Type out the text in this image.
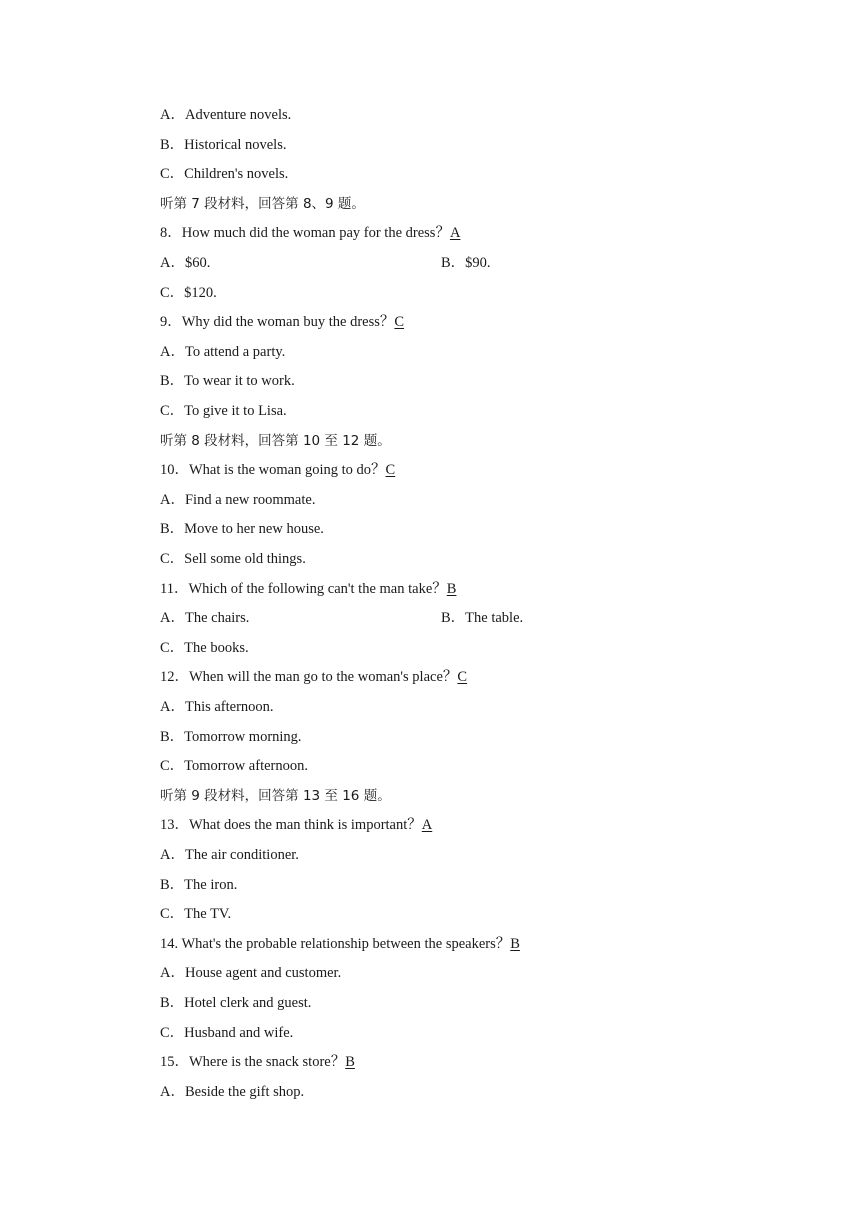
A．Adventure novels.
B．Historical novels.
C．Children's novels.
听第 7 段材料，回答第 8、9 题。
8．How much did the woman pay for the dress？A
A．$60.	B．$90.
C．$120.
9．Why did the woman buy the dress？C
A．To attend a party.
B．To wear it to work.
C．To give it to Lisa.
听第 8 段材料，回答第 10 至 12 题。
10．What is the woman going to do？C
A．Find a new roommate.
B．Move to her new house.
C．Sell some old things.
11．Which of the following can't the man take？B
A．The chairs.	B．The table.
C．The books.
12．When will the man go to the woman's place？C
A．This afternoon.
B．Tomorrow morning.
C．Tomorrow afternoon.
听第 9 段材料，回答第 13 至 16 题。
13．What does the man think is important？A
A．The air conditioner.
B．The iron.
C．The TV.
14. What's the probable relationship between the speakers？B
A．House agent and customer.
B．Hotel clerk and guest.
C．Husband and wife.
15．Where is the snack store？B
A．Beside the gift shop.
